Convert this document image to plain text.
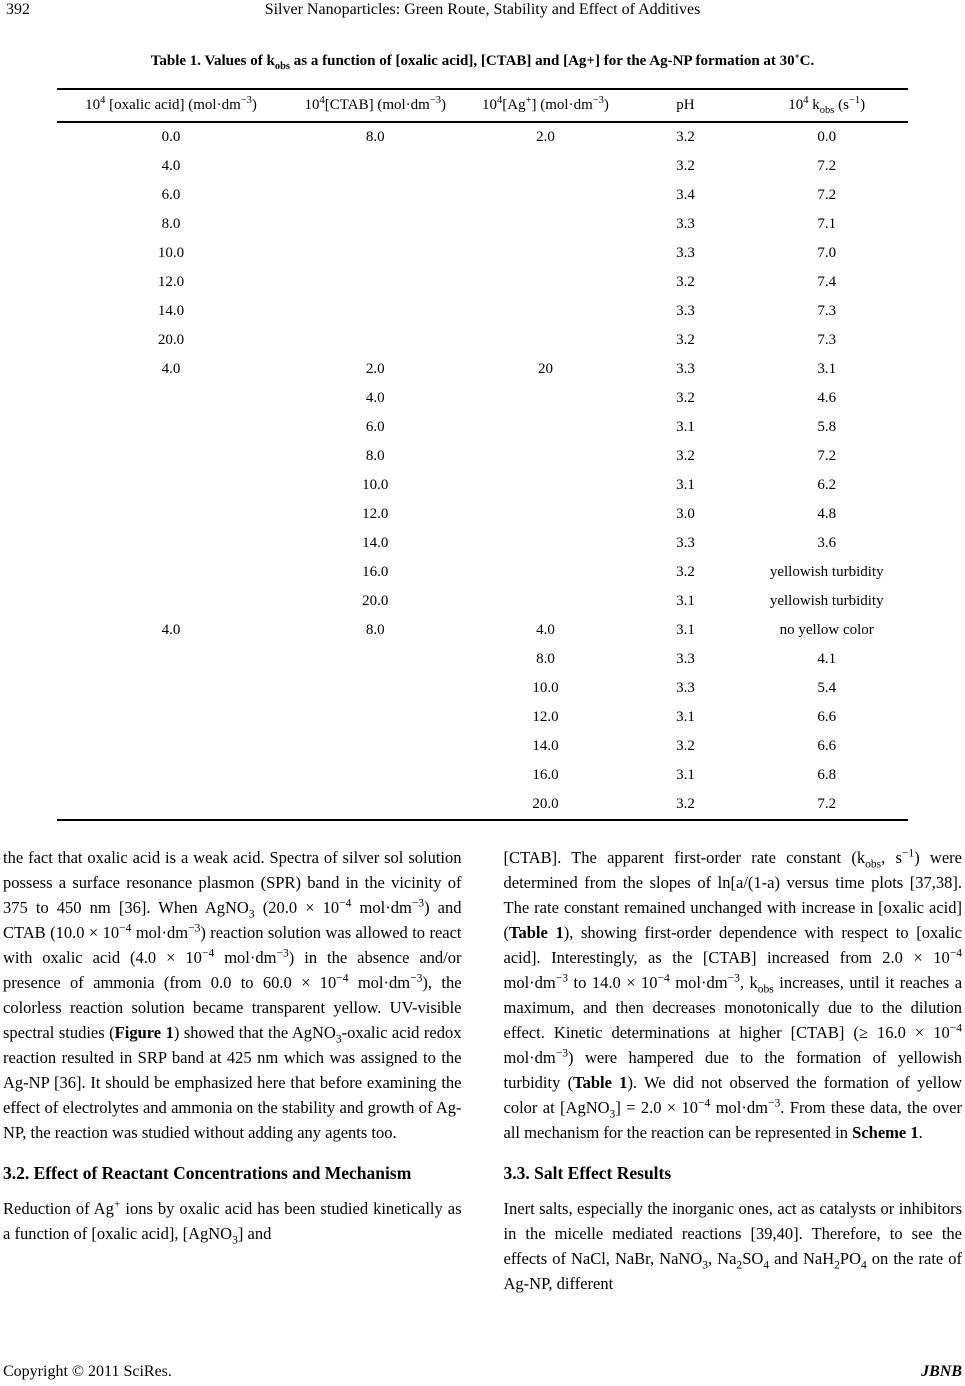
392	Silver Nanoparticles: Green Route, Stability and Effect of Additives
Table 1. Values of $k_{obs}$ as a function of [oxalic acid], [CTAB] and [Ag+] for the Ag-NP formation at 30˚C.
$10^4$ [oxalic acid] $(mol\cdot dm^{-3})$	$10^4[CTAB]$ $(mol\cdot dm^{-3})$	$10^4[Ag^+]$ $(mol\cdot dm^{-3})$	pH	$10^4$ $k_{obs}$ $(s^{-1})$
0.0	8.0	2.0	3.2	0.0
4.0			3.2	7.2
6.0			3.4	7.2
8.0			3.3	7.1
10.0			3.3	7.0
12.0			3.2	7.4
14.0			3.3	7.3
20.0			3.2	7.3
4.0	2.0	20	3.3	3.1
	4.0		3.2	4.6
	6.0		3.1	5.8
	8.0		3.2	7.2
	10.0		3.1	6.2
	12.0		3.0	4.8
	14.0		3.3	3.6
	16.0		3.2	yellowish turbidity
	20.0		3.1	yellowish turbidity
4.0	8.0	4.0	3.1	no yellow color
		8.0	3.3	4.1
		10.0	3.3	5.4
		12.0	3.1	6.6
		14.0	3.2	6.6
		16.0	3.1	6.8
		20.0	3.2	7.2

the fact that oxalic acid is a weak acid. Spectra of silver sol solution possess a surface resonance plasmon (SPR) band in the vicinity of 375 to 450 nm [36]. When AgNO$_3$ ($20.0 \times 10^{-4}$ $mol\cdot dm^{-3}$) and CTAB ($10.0 \times 10^{-4}$ $mol\cdot dm^{-3}$) reaction solution was allowed to react with oxalic acid ($4.0 \times 10^{-4}$ $mol\cdot dm^{-3}$) in the absence and/or presence of ammonia (from 0.0 to $60.0 \times 10^{-4}$ $mol\cdot dm^{-3}$), the colorless reaction solution became transparent yellow. UV-visible spectral studies (Figure 1) showed that the AgNO$_3$-oxalic acid redox reaction resulted in SRP band at 425 nm which was assigned to the Ag-NP [36]. It should be emphasized here that before examining the effect of electrolytes and ammonia on the stability and growth of Ag-NP, the reaction was studied without adding any agents too.

3.2. Effect of Reactant Concentrations and Mechanism

Reduction of Ag+ ions by oxalic acid has been studied kinetically as a function of [oxalic acid], [AgNO$_3$] and

[CTAB]. The apparent first-order rate constant ($k_{obs}$, $s^{-1}$) were determined from the slopes of ln[a/(1-a) versus time plots [37,38]. The rate constant remained unchanged with increase in [oxalic acid] (Table 1), showing first-order dependence with respect to [oxalic acid]. Interestingly, as the [CTAB] increased from $2.0 \times 10^{-4}$ $mol\cdot dm^{-3}$ to $14.0 \times 10^{-4}$ $mol\cdot dm^{-3}$, $k_{obs}$ increases, until it reaches a maximum, and then decreases monotonically due to the dilution effect. Kinetic determinations at higher [CTAB] (≥ $16.0 \times 10^{-4}$ $mol\cdot dm^{-3}$) were hampered due to the formation of yellowish turbidity (Table 1). We did not observed the formation of yellow color at [AgNO$_3$] = $2.0 \times 10^{-4}$ $mol\cdot dm^{-3}$. From these data, the over all mechanism for the reaction can be represented in Scheme 1.

3.3. Salt Effect Results

Inert salts, especially the inorganic ones, act as catalysts or inhibitors in the micelle mediated reactions [39,40]. Therefore, to see the effects of NaCl, NaBr, NaNO$_3$, $Na_2SO_4$ and $NaH_2PO_4$ on the rate of Ag-NP, different

Copyright © 2011 SciRes.	JBNB
